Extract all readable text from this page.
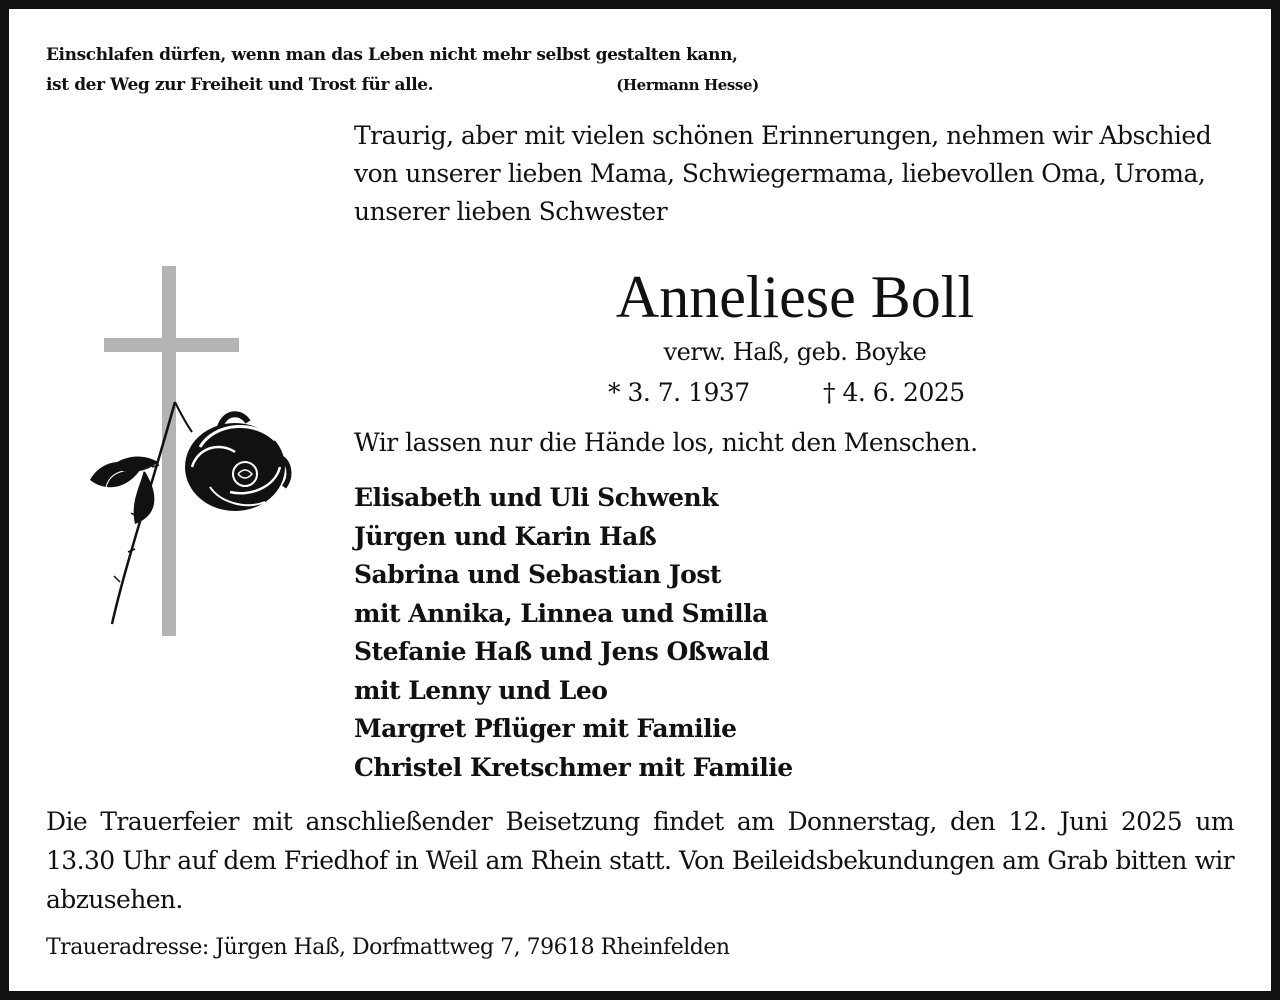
Einschlafen dürfen, wenn man das Leben nicht mehr selbst gestalten kann,
ist der Weg zur Freiheit und Trost für alle.	(Hermann Hesse)
Traurig, aber mit vielen schönen Erinnerungen, nehmen wir Abschied
von unserer lieben Mama, Schwiegermama, liebevollen Oma, Uroma,
unserer lieben Schwester
Anneliese Boll
verw. Haß, geb. Boyke
* 3. 7. 1937	† 4. 6. 2025
Wir lassen nur die Hände los, nicht den Menschen.
Elisabeth und Uli Schwenk
Jürgen und Karin Haß
Sabrina und Sebastian Jost
mit Annika, Linnea und Smilla
Stefanie Haß und Jens Oßwald
mit Lenny und Leo
Margret Pflüger mit Familie
Christel Kretschmer mit Familie
Die Trauerfeier mit anschließender Beisetzung findet am Donnerstag, den 12. Juni 2025 um 13.30 Uhr auf dem Friedhof in Weil am Rhein statt. Von Beileidsbekundungen am Grab bitten wir abzusehen.
Traueradresse: Jürgen Haß, Dorfmattweg 7, 79618 Rheinfelden
